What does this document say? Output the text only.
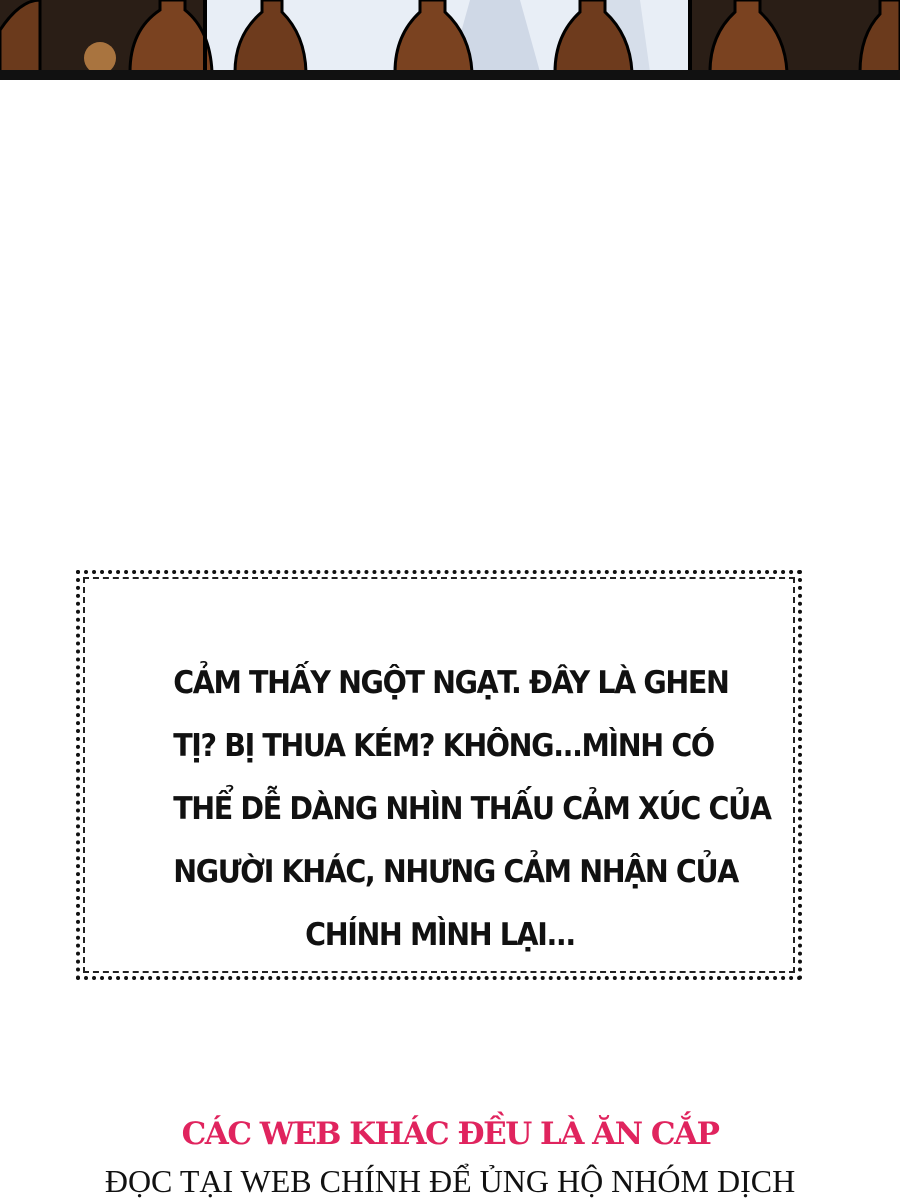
CẢM THẤY NGỘT NGẠT. ĐÂY LÀ GHEN
TỊ? BỊ THUA KÉM? KHÔNG...MÌNH CÓ
THỂ DỄ DÀNG NHÌN THẤU CẢM XÚC CỦA
NGƯỜI KHÁC, NHƯNG CẢM NHẬN CỦA
CHÍNH MÌNH LẠI...

CÁC WEB KHÁC ĐỀU LÀ ĂN CẮP

ĐỌC TẠI WEB CHÍNH ĐỂ ỦNG HỘ NHÓM DỊCH
